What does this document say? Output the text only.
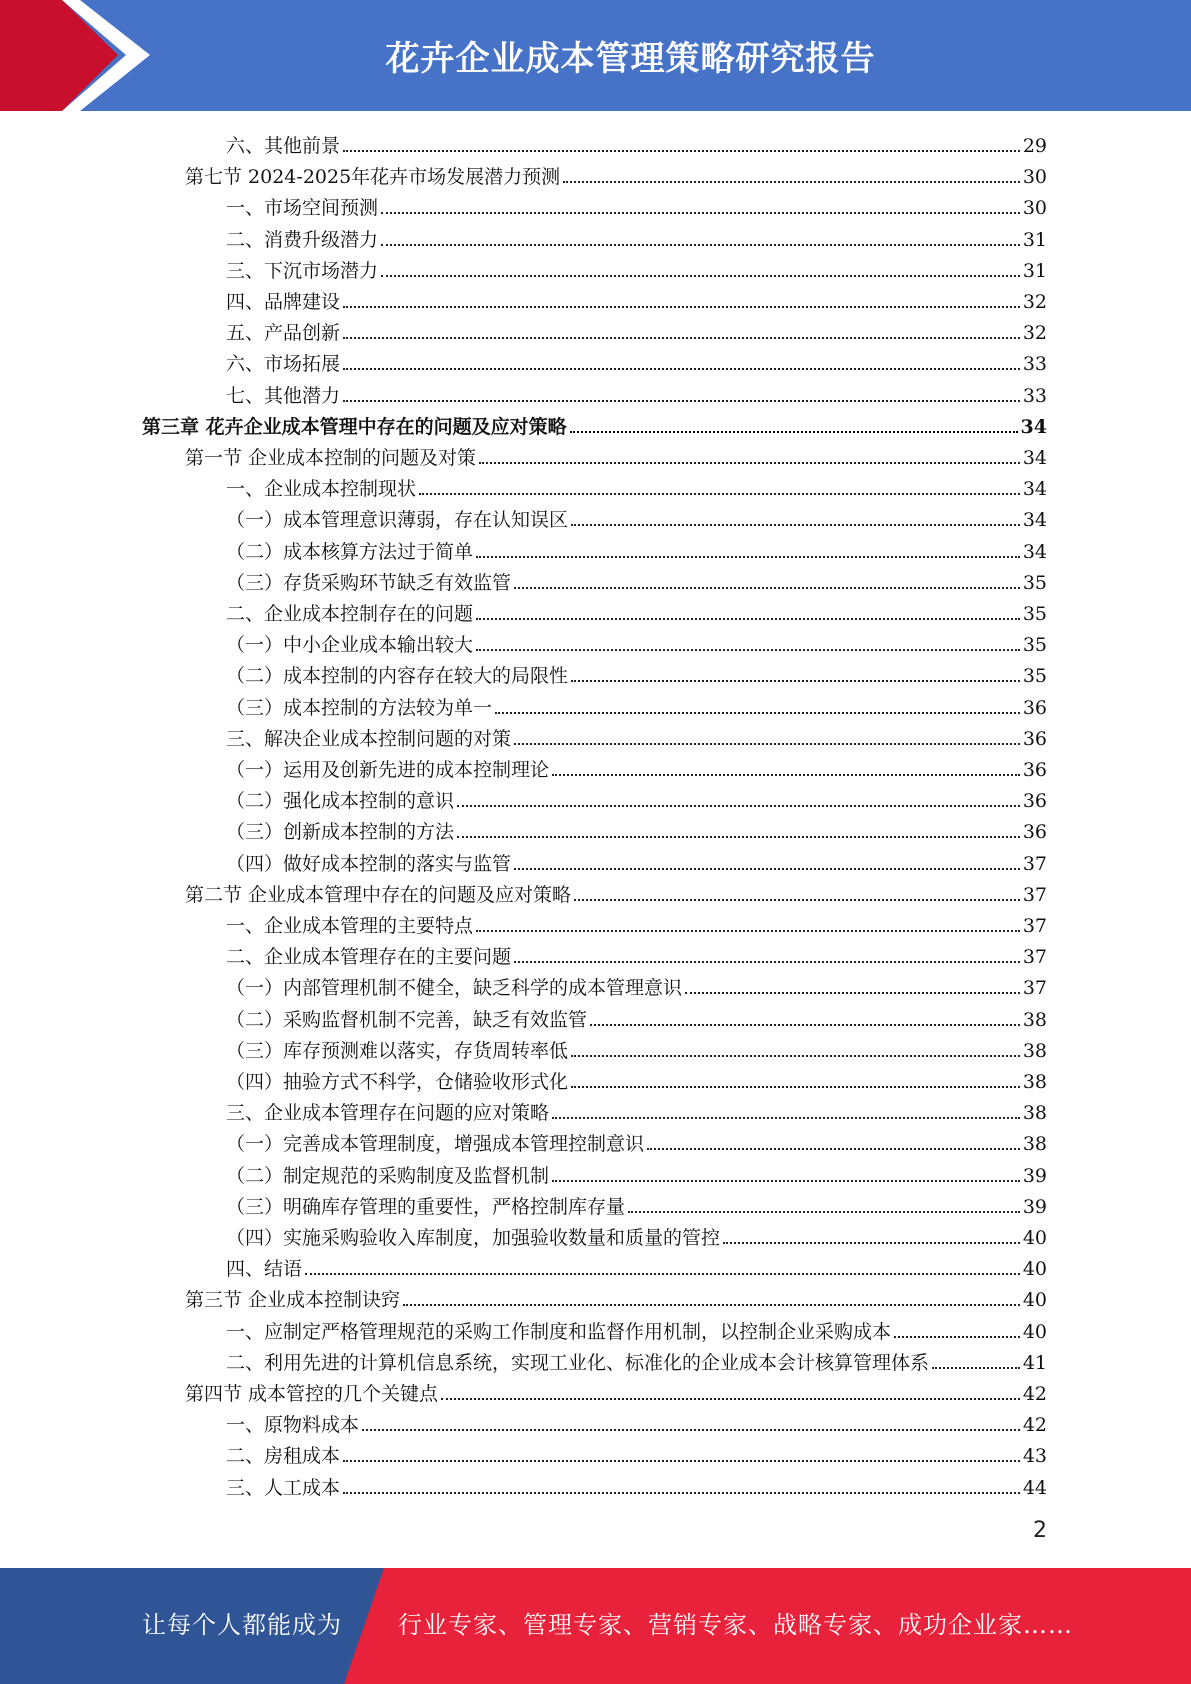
花卉企业成本管理策略研究报告
六、其他前景	29
第七节 2024-2025年花卉市场发展潜力预测	30
一、市场空间预测	30
二、消费升级潜力	31
三、下沉市场潜力	31
四、品牌建设	32
五、产品创新	32
六、市场拓展	33
七、其他潜力	33
第三章 花卉企业成本管理中存在的问题及应对策略	34
第一节 企业成本控制的问题及对策	34
一、企业成本控制现状	34
（一）成本管理意识薄弱，存在认知误区	34
（二）成本核算方法过于简单	34
（三）存货采购环节缺乏有效监管	35
二、企业成本控制存在的问题	35
（一）中小企业成本输出较大	35
（二）成本控制的内容存在较大的局限性	35
（三）成本控制的方法较为单一	36
三、解决企业成本控制问题的对策	36
（一）运用及创新先进的成本控制理论	36
（二）强化成本控制的意识	36
（三）创新成本控制的方法	36
（四）做好成本控制的落实与监管	37
第二节 企业成本管理中存在的问题及应对策略	37
一、企业成本管理的主要特点	37
二、企业成本管理存在的主要问题	37
（一）内部管理机制不健全，缺乏科学的成本管理意识	37
（二）采购监督机制不完善，缺乏有效监管	38
（三）库存预测难以落实，存货周转率低	38
（四）抽验方式不科学，仓储验收形式化	38
三、企业成本管理存在问题的应对策略	38
（一）完善成本管理制度，增强成本管理控制意识	38
（二）制定规范的采购制度及监督机制	39
（三）明确库存管理的重要性，严格控制库存量	39
（四）实施采购验收入库制度，加强验收数量和质量的管控	40
四、结语	40
第三节 企业成本控制诀窍	40
一、应制定严格管理规范的采购工作制度和监督作用机制，以控制企业采购成本	40
二、利用先进的计算机信息系统，实现工业化、标准化的企业成本会计核算管理体系	41
第四节 成本管控的几个关键点	42
一、原物料成本	42
二、房租成本	43
三、人工成本	44
2
让每个人都能成为 行业专家、管理专家、营销专家、战略专家、成功企业家……
